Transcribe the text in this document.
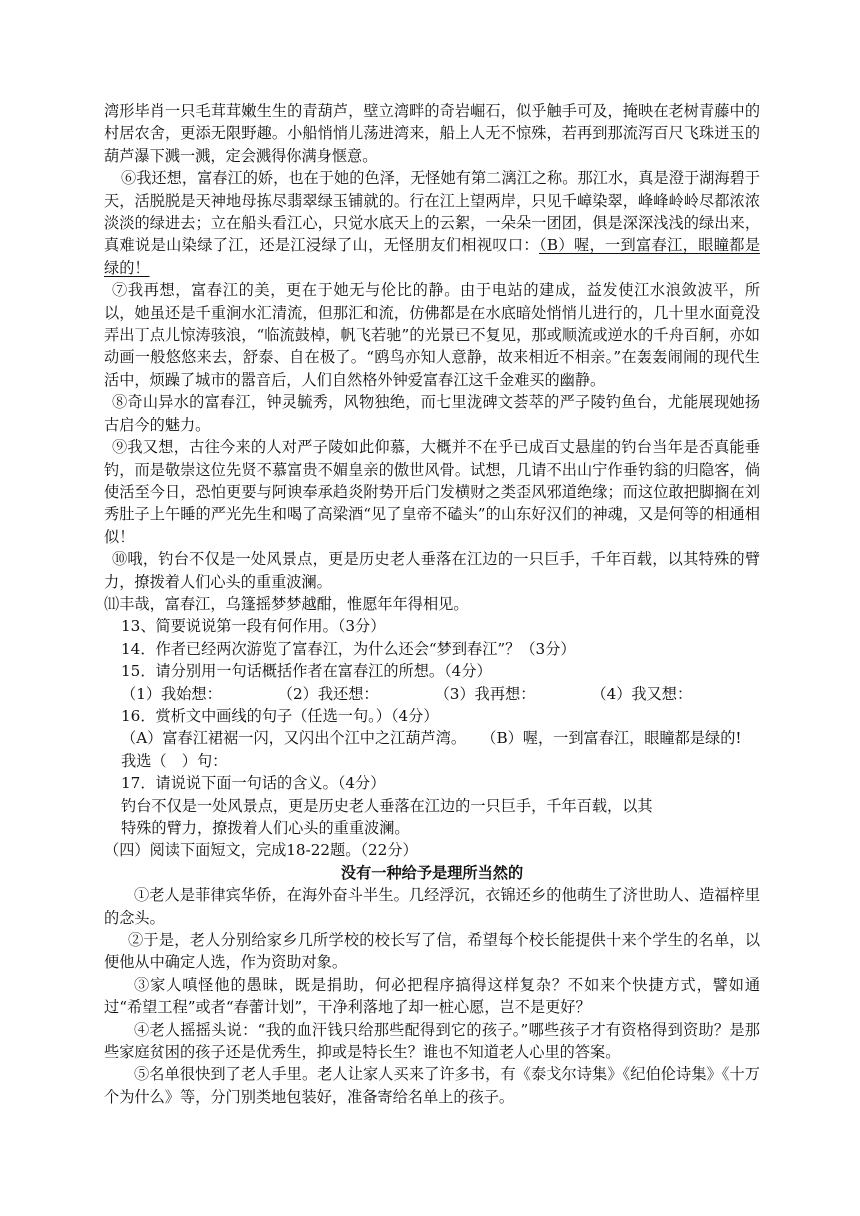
湾形毕肖一只毛茸茸嫩生生的青葫芦，壁立湾畔的奇岩崛石，似乎触手可及，掩映在老树青藤中的村居农舍，更添无限野趣。小船悄悄儿荡进湾来，船上人无不惊殊，若再到那流泻百尺飞珠迸玉的葫芦瀑下溅一溅，定会溅得你满身惬意。

⑥我还想，富春江的娇，也在于她的色泽，无怪她有第二漓江之称。那江水，真是澄于湖海碧于天，活脱脱是天神地母拣尽翡翠绿玉铺就的。行在江上望两岸，只见千嶂染翠，峰峰岭岭尽都浓浓淡淡的绿进去；立在船头看江心，只觉水底天上的云絮，一朵朵一团团，俱是深深浅浅的绿出来，真难说是山染绿了江，还是江浸绿了山，无怪朋友们相视叹口：（B）喔，一到富春江，眼瞳都是绿的！

⑦我再想，富春江的美，更在于她无与伦比的静。由于电站的建成，益发使江水浪敛波平，所以，她虽还是千重涧水汇清流，但那汇和流，仿佛都是在水底暗处悄悄儿进行的，几十里水面竟没弄出丁点儿惊涛骇浪，“临流鼓棹，帆飞若驰”的光景已不复见，那或顺流或逆水的千舟百舸，亦如动画一般悠悠来去，舒泰、自在极了。“鸥鸟亦知人意静，故来相近不相亲。”在轰轰闹闹的现代生活中，烦躁了城市的嚣音后，人们自然格外钟爱富春江这千金难买的幽静。

⑧奇山异水的富春江，钟灵毓秀，风物独绝，而七里泷碑文荟萃的严子陵钓鱼台，尤能展现她扬古启今的魅力。

⑨我又想，古往今来的人对严子陵如此仰慕，大概并不在乎已成百丈悬崖的钓台当年是否真能垂钓，而是敬崇这位先贤不慕富贵不媚皇亲的傲世风骨。试想，几请不出山宁作垂钓翁的归隐客，倘使活至今日，恐怕更要与阿谀奉承趋炎附势开后门发横财之类歪风邪道绝缘；而这位敢把脚搁在刘秀肚子上午睡的严光先生和喝了高梁酒“见了皇帝不磕头”的山东好汉们的神魂，又是何等的相通相似！

⑩哦，钓台不仅是一处风景点，更是历史老人垂落在江边的一只巨手，千年百载，以其特殊的臂力，撩拨着人们心头的重重波澜。

⑾丰哉，富春江，乌篷摇梦梦越酣，惟愿年年得相见。

13、简要说说第一段有何作用。（3分）

14．作者已经两次游览了富春江，为什么还会“梦到春江”？（3分）

15．请分别用一句话概括作者在富春江的所想。（4分）

（1）我始想：	（2）我还想：	（3）我再想：	（4）我又想：

16．赏析文中画线的句子（任选一句。）（4分）

（A）富春江裙裾一闪，又闪出个江中之江葫芦湾。　　 （B）喔，一到富春江，眼瞳都是绿的!

我选（　）句：

17．请说说下面一句话的含义。（4分）

钓台不仅是一处风景点，更是历史老人垂落在江边的一只巨手，千年百载，以其

特殊的臂力，撩拨着人们心头的重重波澜。

（四）阅读下面短文，完成18-22题。（22分）

没有一种给予是理所当然的

①老人是菲律宾华侨，在海外奋斗半生。几经浮沉，衣锦还乡的他萌生了济世助人、造福梓里的念头。

②于是，老人分别给家乡几所学校的校长写了信，希望每个校长能提供十来个学生的名单，以便他从中确定人选，作为资助对象。

③家人嗔怪他的愚昧，既是捐助，何必把程序搞得这样复杂？不如来个快捷方式，譬如通过“希望工程”或者“春蕾计划”，干净利落地了却一桩心愿，岂不是更好？

④老人摇摇头说：“我的血汗钱只给那些配得到它的孩子。”哪些孩子才有资格得到资助？是那些家庭贫困的孩子还是优秀生，抑或是特长生？谁也不知道老人心里的答案。

⑤名单很快到了老人手里。老人让家人买来了许多书，有《泰戈尔诗集》《纪伯伦诗集》《十万个为什么》等，分门别类地包装好，准备寄给名单上的孩子。
